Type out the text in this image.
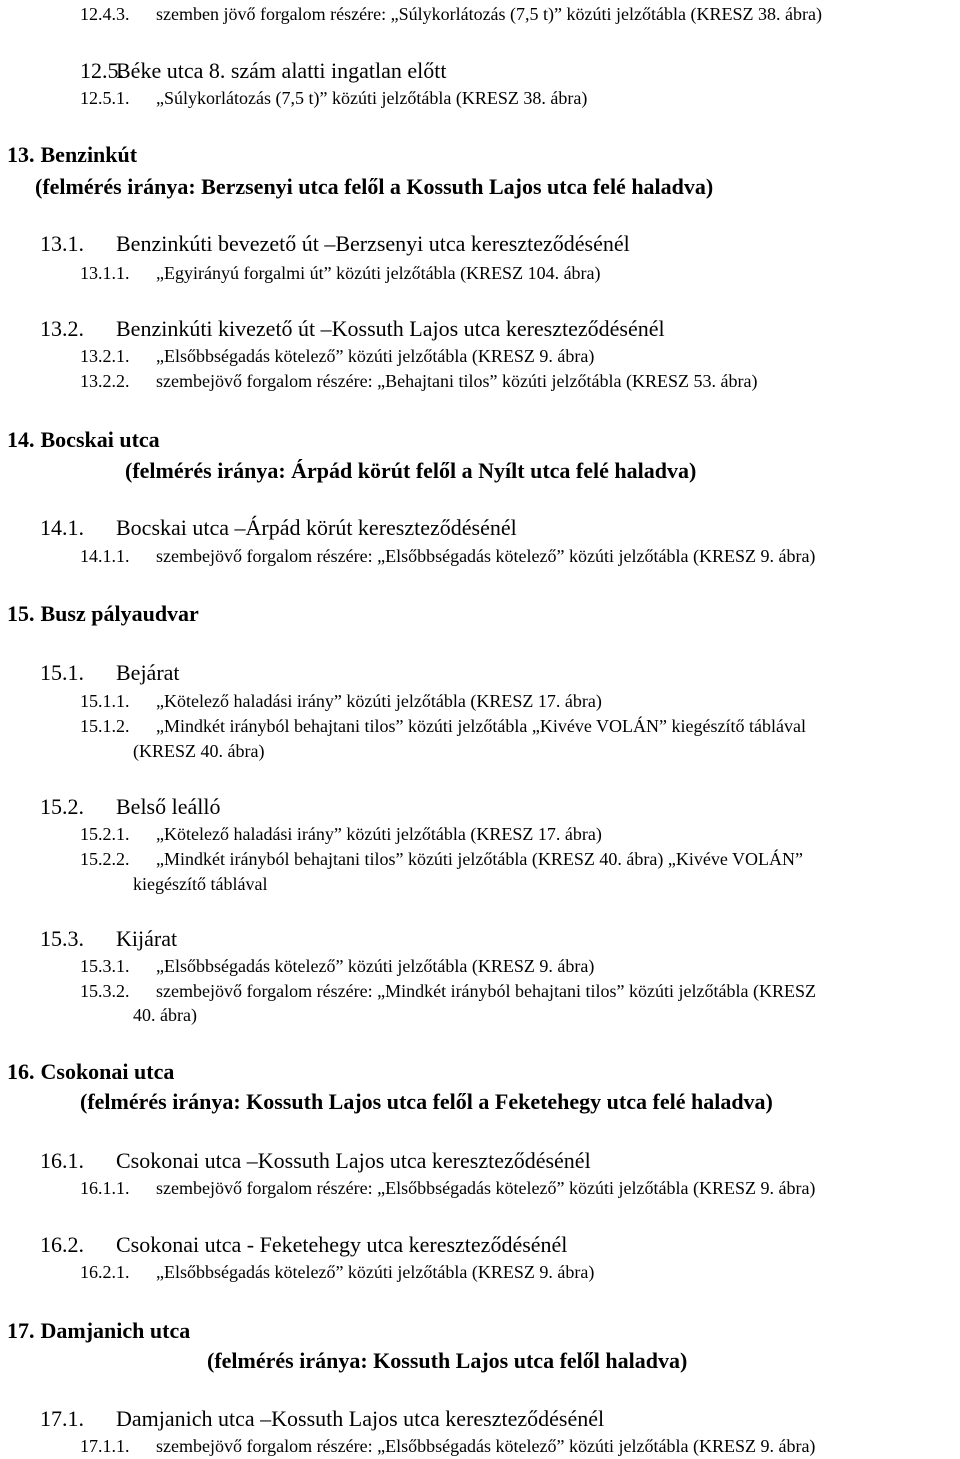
12.4.3. szemben jövő forgalom részére: „Súlykorlátozás (7,5 t)” közúti jelzőtábla (KRESZ 38. ábra)
12.5.Béke utca 8. szám alatti ingatlan előtt
12.5.1. „Súlykorlátozás (7,5 t)” közúti jelzőtábla (KRESZ 38. ábra)
13. Benzinkút
(felmérés iránya: Berzsenyi utca felől a Kossuth Lajos utca felé haladva)
13.1. Benzinkúti bevezető út –Berzsenyi utca kereszteződésénél
13.1.1. „Egyirányú forgalmi út” közúti jelzőtábla (KRESZ 104. ábra)
13.2. Benzinkúti kivezető út –Kossuth Lajos utca kereszteződésénél
13.2.1. „Elsőbbségadás kötelező” közúti jelzőtábla (KRESZ 9. ábra)
13.2.2. szembejövő forgalom részére: „Behajtani tilos” közúti jelzőtábla (KRESZ 53. ábra)
14. Bocskai utca
(felmérés iránya: Árpád körút felől a Nyílt utca felé haladva)
14.1. Bocskai utca –Árpád körút kereszteződésénél
14.1.1. szembejövő forgalom részére: „Elsőbbségadás kötelező” közúti jelzőtábla (KRESZ 9. ábra)
15. Busz pályaudvar
15.1. Bejárat
15.1.1. „Kötelező haladási irány” közúti jelzőtábla (KRESZ 17. ábra)
15.1.2. „Mindkét irányból behajtani tilos” közúti jelzőtábla „Kivéve VOLÁN” kiegészítő táblával
(KRESZ 40. ábra)
15.2. Belső leálló
15.2.1. „Kötelező haladási irány” közúti jelzőtábla (KRESZ 17. ábra)
15.2.2. „Mindkét irányból behajtani tilos” közúti jelzőtábla (KRESZ 40. ábra) „Kivéve VOLÁN”
kiegészítő táblával
15.3. Kijárat
15.3.1. „Elsőbbségadás kötelező” közúti jelzőtábla (KRESZ 9. ábra)
15.3.2. szembejövő forgalom részére: „Mindkét irányból behajtani tilos” közúti jelzőtábla (KRESZ
40. ábra)
16. Csokonai utca
(felmérés iránya: Kossuth Lajos utca felől a Feketehegy utca felé haladva)
16.1. Csokonai utca –Kossuth Lajos utca kereszteződésénél
16.1.1. szembejövő forgalom részére: „Elsőbbségadás kötelező” közúti jelzőtábla (KRESZ 9. ábra)
16.2. Csokonai utca - Feketehegy utca kereszteződésénél
16.2.1. „Elsőbbségadás kötelező” közúti jelzőtábla (KRESZ 9. ábra)
17. Damjanich utca
(felmérés iránya: Kossuth Lajos utca felől haladva)
17.1. Damjanich utca –Kossuth Lajos utca kereszteződésénél
17.1.1. szembejövő forgalom részére: „Elsőbbségadás kötelező” közúti jelzőtábla (KRESZ 9. ábra)
